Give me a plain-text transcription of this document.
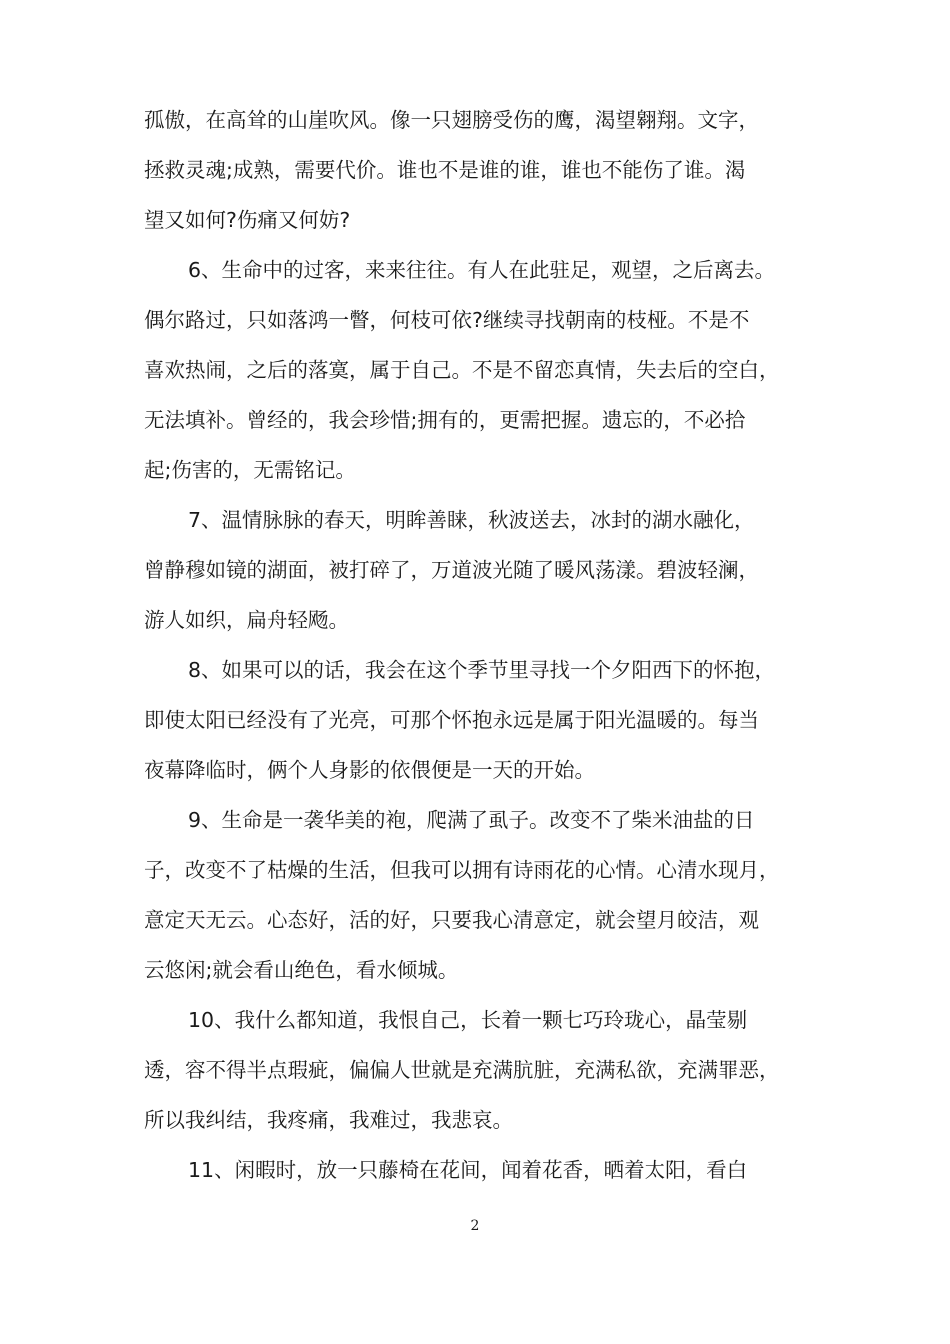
孤傲，在高耸的山崖吹风。像一只翅膀受伤的鹰，渴望翱翔。文字，
拯救灵魂;成熟，需要代价。谁也不是谁的谁，谁也不能伤了谁。渴
望又如何?伤痛又何妨?
6、生命中的过客，来来往往。有人在此驻足，观望，之后离去。
偶尔路过，只如落鸿一瞥，何枝可依?继续寻找朝南的枝桠。不是不
喜欢热闹，之后的落寞，属于自己。不是不留恋真情，失去后的空白，
无法填补。曾经的，我会珍惜;拥有的，更需把握。遗忘的，不必拾
起;伤害的，无需铭记。
7、温情脉脉的春天，明眸善睐，秋波送去，冰封的湖水融化，
曾静穆如镜的湖面，被打碎了，万道波光随了暖风荡漾。碧波轻澜，
游人如织，扁舟轻飏。
8、如果可以的话，我会在这个季节里寻找一个夕阳西下的怀抱，
即使太阳已经没有了光亮，可那个怀抱永远是属于阳光温暖的。每当
夜幕降临时，俩个人身影的依偎便是一天的开始。
9、生命是一袭华美的袍，爬满了虱子。改变不了柴米油盐的日
子，改变不了枯燥的生活，但我可以拥有诗雨花的心情。心清水现月，
意定天无云。心态好，活的好，只要我心清意定，就会望月皎洁，观
云悠闲;就会看山绝色，看水倾城。
10、我什么都知道，我恨自己，长着一颗七巧玲珑心，晶莹剔
透，容不得半点瑕疵，偏偏人世就是充满肮脏，充满私欲，充满罪恶，
所以我纠结，我疼痛，我难过，我悲哀。
11、闲暇时，放一只藤椅在花间，闻着花香，晒着太阳，看白
2
